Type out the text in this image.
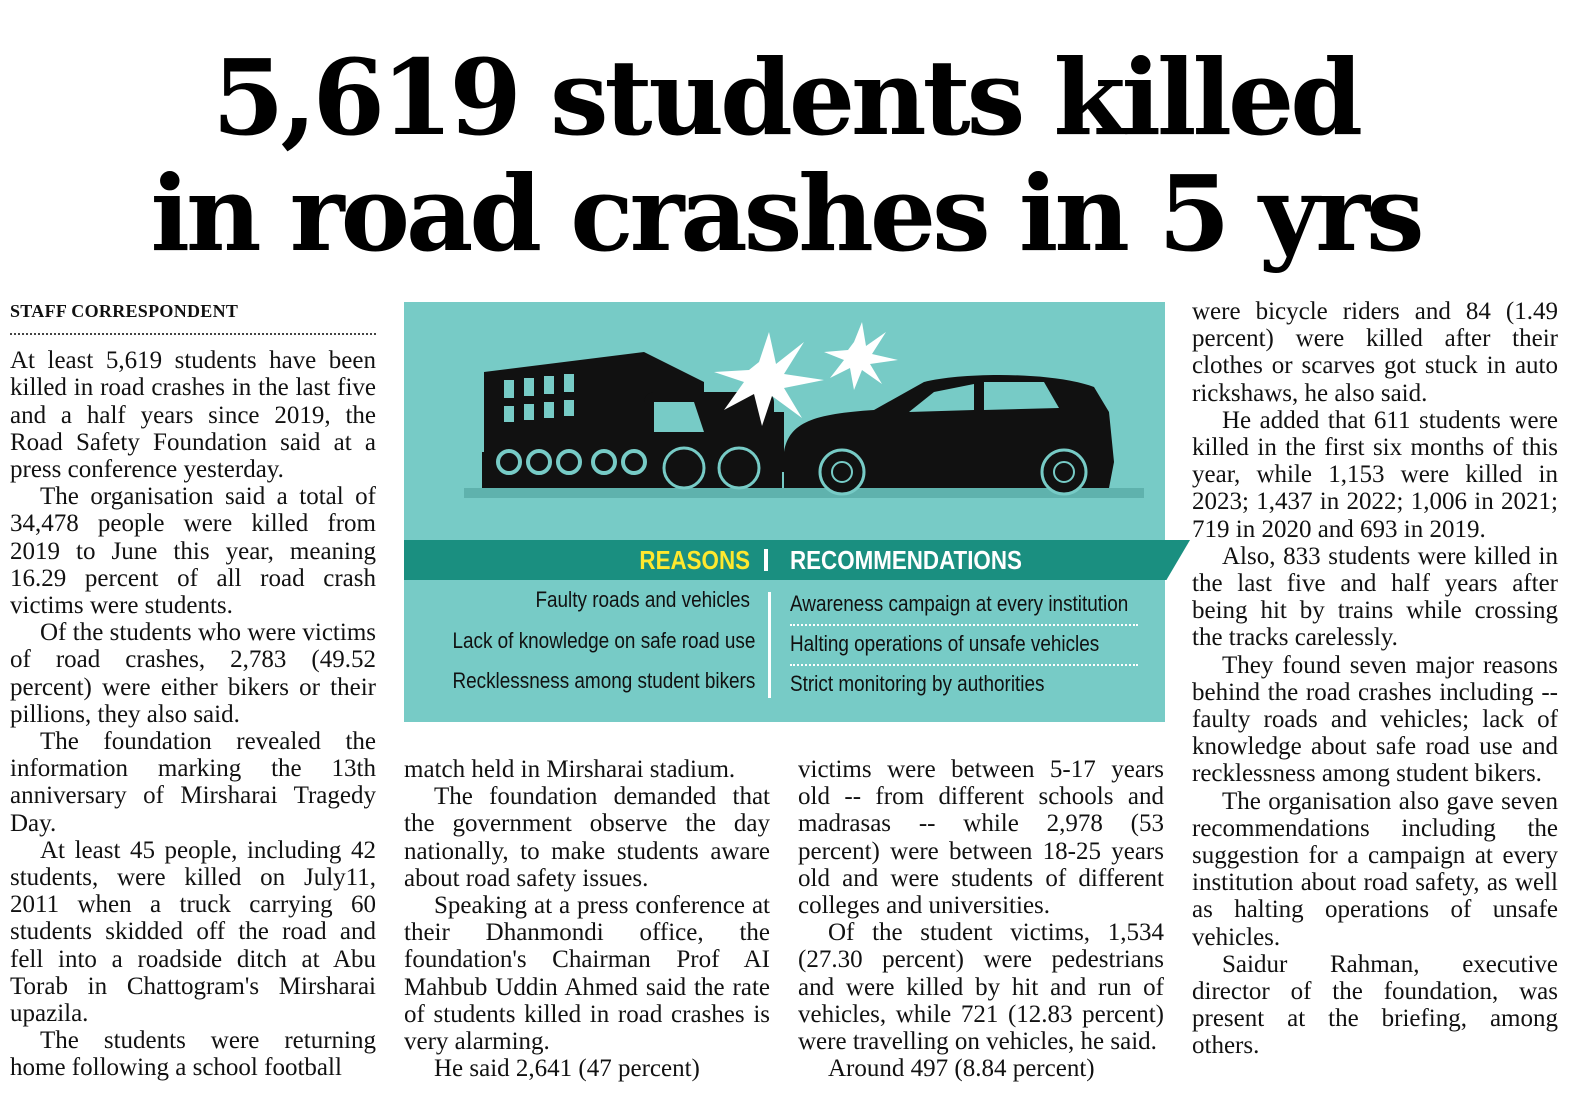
5,619 students killed
in road crashes in 5 yrs
STAFF CORRESPONDENT

At least 5,619 students have been killed in road crashes in the last five and a half years since 2019, the Road Safety Foundation said at a press conference yesterday.

The organisation said a total of 34,478 people were killed from 2019 to June this year, meaning 16.29 percent of all road crash victims were students.

Of the students who were victims of road crashes, 2,783 (49.52 percent) were either bikers or their pillions, they also said.

The foundation revealed the information marking the 13th anniversary of Mirsharai Tragedy Day.

At least 45 people, including 42 students, were killed on July11, 2011 when a truck carrying 60 students skidded off the road and fell into a roadside ditch at Abu Torab in Chattogram's Mirsharai upazila.

The students were returning home following a school football

REASONS RECOMMENDATIONS
Faulty roads and vehicles
Lack of knowledge on safe road use
Recklessness among student bikers
Awareness campaign at every institution
Halting operations of unsafe vehicles
Strict monitoring by authorities

match held in Mirsharai stadium.

The foundation demanded that the government observe the day nationally, to make students aware about road safety issues.

Speaking at a press conference at their Dhanmondi office, the foundation's Chairman Prof AI Mahbub Uddin Ahmed said the rate of students killed in road crashes is very alarming.

He said 2,641 (47 percent)

victims were between 5-17 years old -- from different schools and madrasas -- while 2,978 (53 percent) were between 18-25 years old and were students of different colleges and universities.

Of the student victims, 1,534 (27.30 percent) were pedestrians and were killed by hit and run of vehicles, while 721 (12.83 percent) were travelling on vehicles, he said.

Around 497 (8.84 percent)

were bicycle riders and 84 (1.49 percent) were killed after their clothes or scarves got stuck in auto rickshaws, he also said.

He added that 611 students were killed in the first six months of this year, while 1,153 were killed in 2023; 1,437 in 2022; 1,006 in 2021; 719 in 2020 and 693 in 2019.

Also, 833 students were killed in the last five and half years after being hit by trains while crossing the tracks carelessly.

They found seven major reasons behind the road crashes including -- faulty roads and vehicles; lack of knowledge about safe road use and recklessness among student bikers.

The organisation also gave seven recommendations including the suggestion for a campaign at every institution about road safety, as well as halting operations of unsafe vehicles.

Saidur Rahman, executive director of the foundation, was present at the briefing, among others.
